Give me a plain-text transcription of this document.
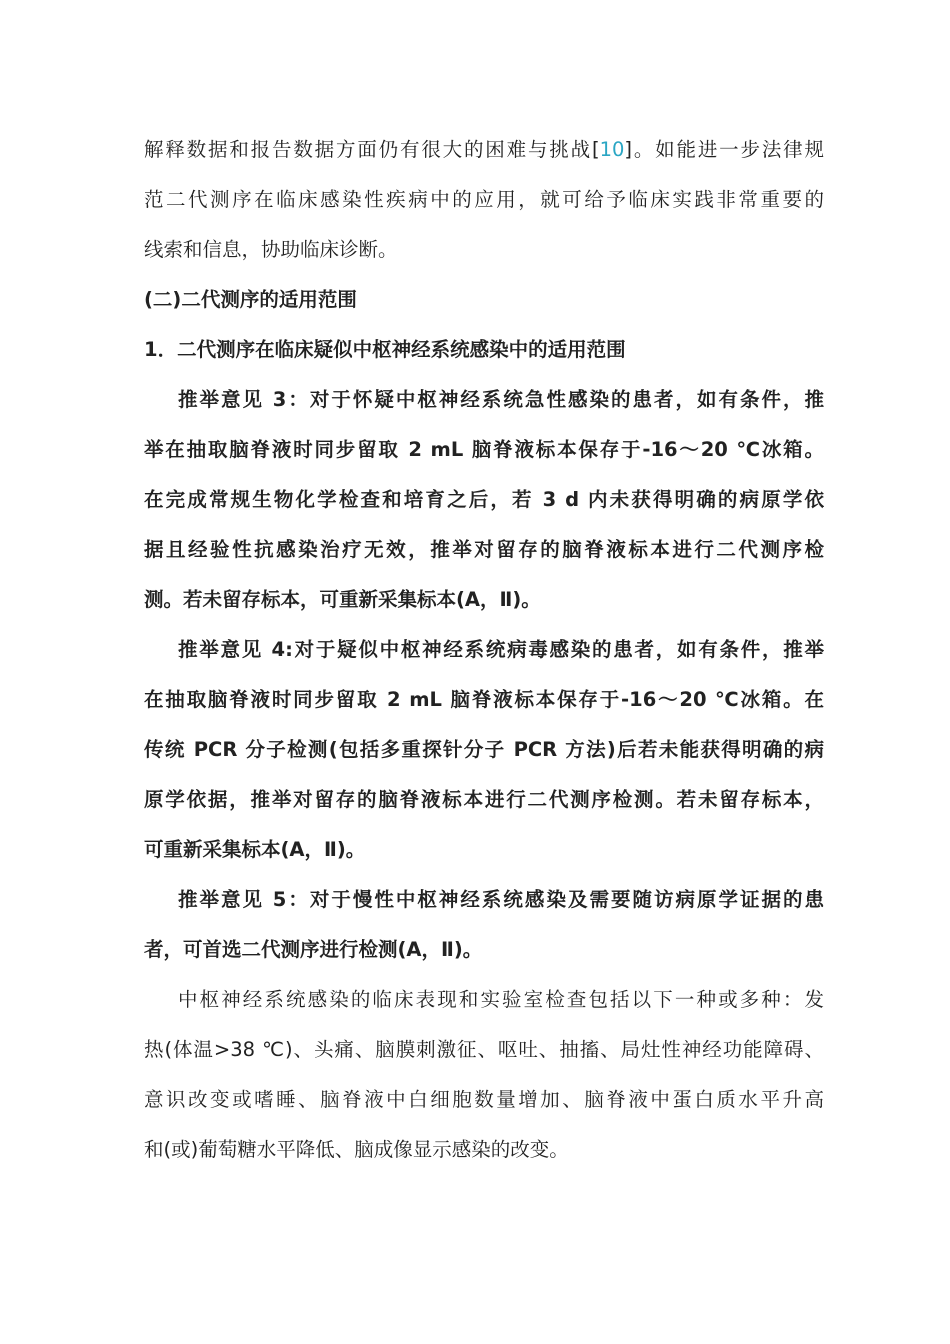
解释数据和报告数据方面仍有很大的困难与挑战[10]。如能进一步法律规
范二代测序在临床感染性疾病中的应用，就可给予临床实践非常重要的
线索和信息，协助临床诊断。
(二)二代测序的适用范围
1．二代测序在临床疑似中枢神经系统感染中的适用范围
推举意见 3：对于怀疑中枢神经系统急性感染的患者，如有条件，推
举在抽取脑脊液时同步留取 2 mL 脑脊液标本保存于-16～20 ℃冰箱。
在完成常规生物化学检查和培育之后，若 3 d 内未获得明确的病原学依
据且经验性抗感染治疗无效，推举对留存的脑脊液标本进行二代测序检
测。若未留存标本，可重新采集标本(A，Ⅱ)。
推举意见 4:对于疑似中枢神经系统病毒感染的患者，如有条件，推举
在抽取脑脊液时同步留取 2 mL 脑脊液标本保存于-16～20 ℃冰箱。在
传统 PCR 分子检测(包括多重探针分子 PCR 方法)后若未能获得明确的病
原学依据，推举对留存的脑脊液标本进行二代测序检测。若未留存标本，
可重新采集标本(A，Ⅱ)。
推举意见 5：对于慢性中枢神经系统感染及需要随访病原学证据的患
者，可首选二代测序进行检测(A，Ⅱ)。
中枢神经系统感染的临床表现和实验室检查包括以下一种或多种：发
热(体温>38 ℃)、头痛、脑膜刺激征、呕吐、抽搐、局灶性神经功能障碍、
意识改变或嗜睡、脑脊液中白细胞数量增加、脑脊液中蛋白质水平升高
和(或)葡萄糖水平降低、脑成像显示感染的改变。
